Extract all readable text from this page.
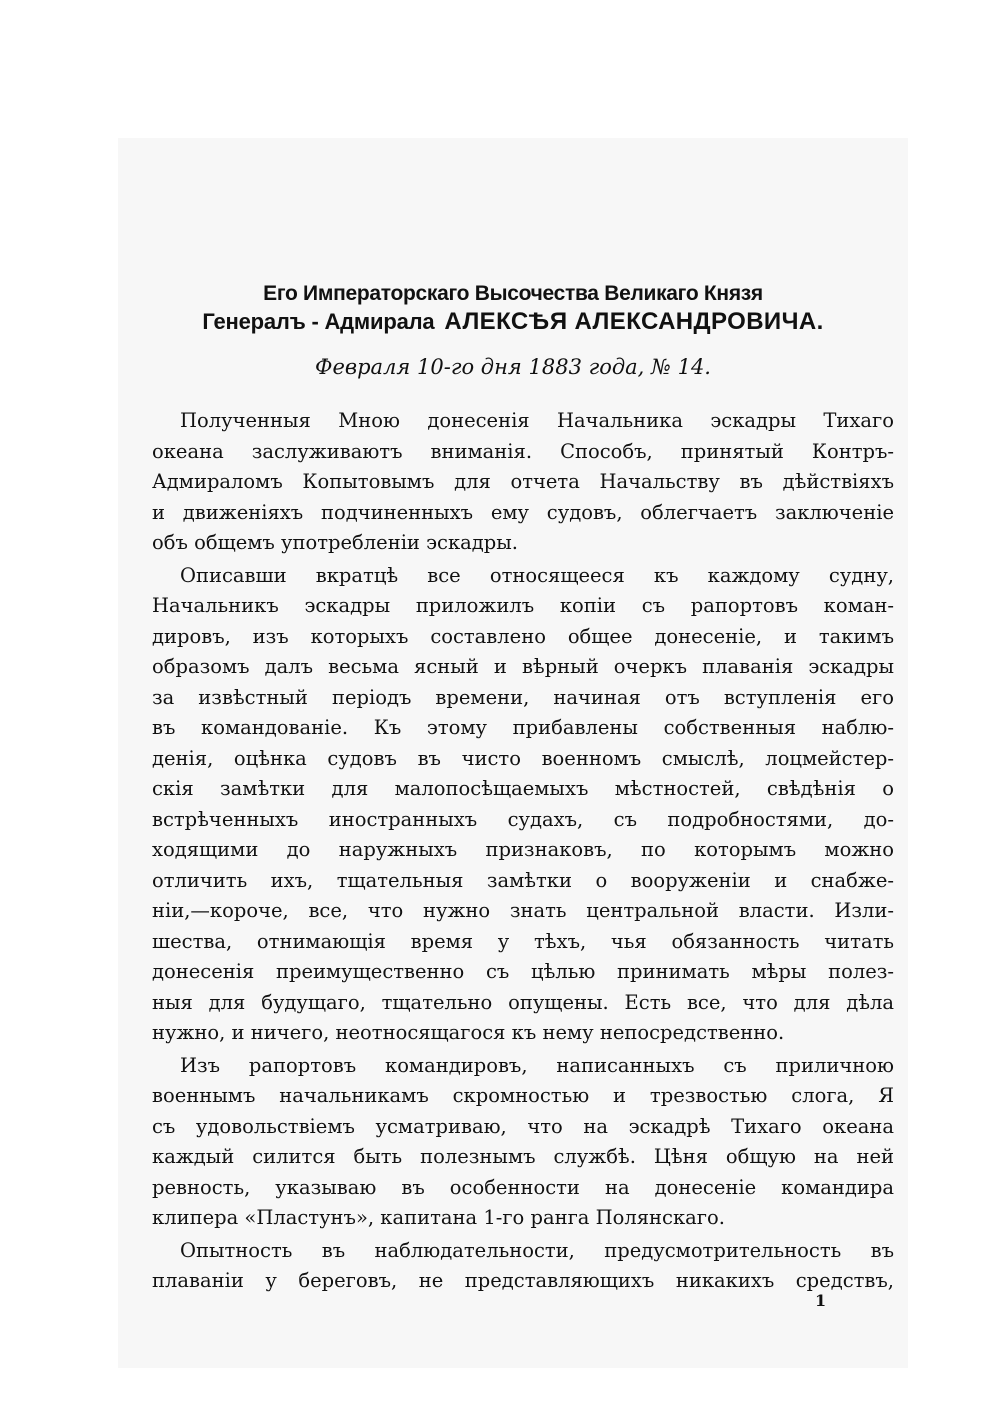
Его Императорскаго Высочества Великаго Князя
Генералъ - Адмирала АЛЕКСѢЯ АЛЕКСАНДРОВИЧА.
Февраля 10-го дня 1883 года, № 14.
Полученныя Мною донесенія Начальника эскадры Тихаго
океана заслуживаютъ вниманія. Способъ, принятый Контръ-
Адмираломъ Копытовымъ для отчета Начальству въ дѣйствіяхъ
и движеніяхъ подчиненныхъ ему судовъ, облегчаетъ заключеніе
объ общемъ употребленіи эскадры.
Описавши вкратцѣ все относящееся къ каждому судну,
Начальникъ эскадры приложилъ копіи съ рапортовъ коман-
дировъ, изъ которыхъ составлено общее донесеніе, и такимъ
образомъ далъ весьма ясный и вѣрный очеркъ плаванія эскадры
за извѣстный періодъ времени, начиная отъ вступленія его
въ командованіе. Къ этому прибавлены собственныя наблю-
денія, оцѣнка судовъ въ чисто военномъ смыслѣ, лоцмейстер-
скія замѣтки для малопосѣщаемыхъ мѣстностей, свѣдѣнія о
встрѣченныхъ иностранныхъ судахъ, съ подробностями, до-
ходящими до наружныхъ признаковъ, по которымъ можно
отличить ихъ, тщательныя замѣтки о вооруженіи и снабже-
ніи,—короче, все, что нужно знать центральной власти. Изли-
шества, отнимающія время у тѣхъ, чья обязанность читать
донесенія преимущественно съ цѣлью принимать мѣры полез-
ныя для будущаго, тщательно опущены. Есть все, что для дѣла
нужно, и ничего, неотносящагося къ нему непосредственно.
Изъ рапортовъ командировъ, написанныхъ съ приличною
военнымъ начальникамъ скромностью и трезвостью слога, Я
съ удовольствіемъ усматриваю, что на эскадрѣ Тихаго океана
каждый силится быть полезнымъ службѣ. Цѣня общую на ней
ревность, указываю въ особенности на донесеніе командира
клипера «Пластунъ», капитана 1-го ранга Полянскаго.
Опытность въ наблюдательности, предусмотрительность въ
плаваніи у береговъ, не представляющихъ никакихъ средствъ,
1
